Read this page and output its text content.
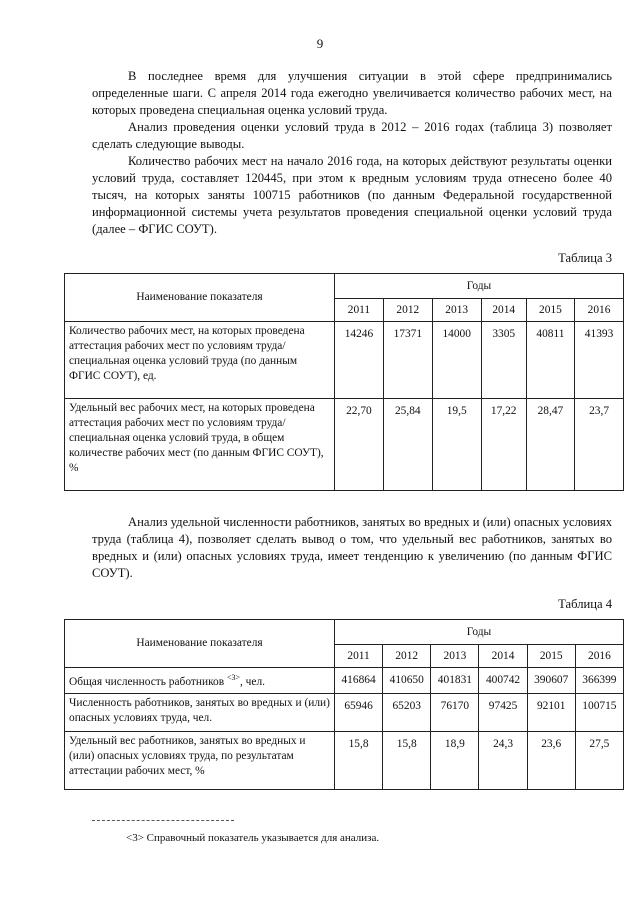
9

В последнее время для улучшения ситуации в этой сфере предпринимались определенные шаги. С апреля 2014 года ежегодно увеличивается количество рабочих мест, на которых проведена специальная оценка условий труда.

Анализ проведения оценки условий труда в 2012 – 2016 годах (таблица 3) позволяет сделать следующие выводы.

Количество рабочих мест на начало 2016 года, на которых действуют результаты оценки условий труда, составляет 120445, при этом к вредным условиям труда отнесено более 40 тысяч, на которых заняты 100715 работников (по данным Федеральной государственной информационной системы учета результатов проведения специальной оценки условий труда (далее – ФГИС СОУТ).

Таблица 3
Наименование показателя	Годы					
	2011	2012	2013	2014	2015	2016
Количество рабочих мест, на которых проведена аттестация рабочих мест по условиям труда/специальная оценка условий труда (по данным ФГИС СОУТ), ед.	14246	17371	14000	3305	40811	41393
Удельный вес рабочих мест, на которых проведена аттестация рабочих мест по условиям труда/специальная оценка условий труда, в общем количестве рабочих мест (по данным ФГИС СОУТ), %	22,70	25,84	19,5	17,22	28,47	23,7

Анализ удельной численности работников, занятых во вредных и (или) опасных условиях труда (таблица 4), позволяет сделать вывод о том, что удельный вес работников, занятых во вредных и (или) опасных условиях труда, имеет тенденцию к увеличению (по данным ФГИС СОУТ).

Таблица 4
Наименование показателя	Годы					
	2011	2012	2013	2014	2015	2016
Общая численность работников $^{<3>}$, чел.	416864	410650	401831	400742	390607	366399
Численность работников, занятых во вредных и (или) опасных условиях труда, чел.	65946	65203	76170	97425	92101	100715
Удельный вес работников, занятых во вредных и (или) опасных условиях труда, по результатам аттестации рабочих мест, %	15,8	15,8	18,9	24,3	23,6	27,5
<3> Справочный показатель указывается для анализа.
